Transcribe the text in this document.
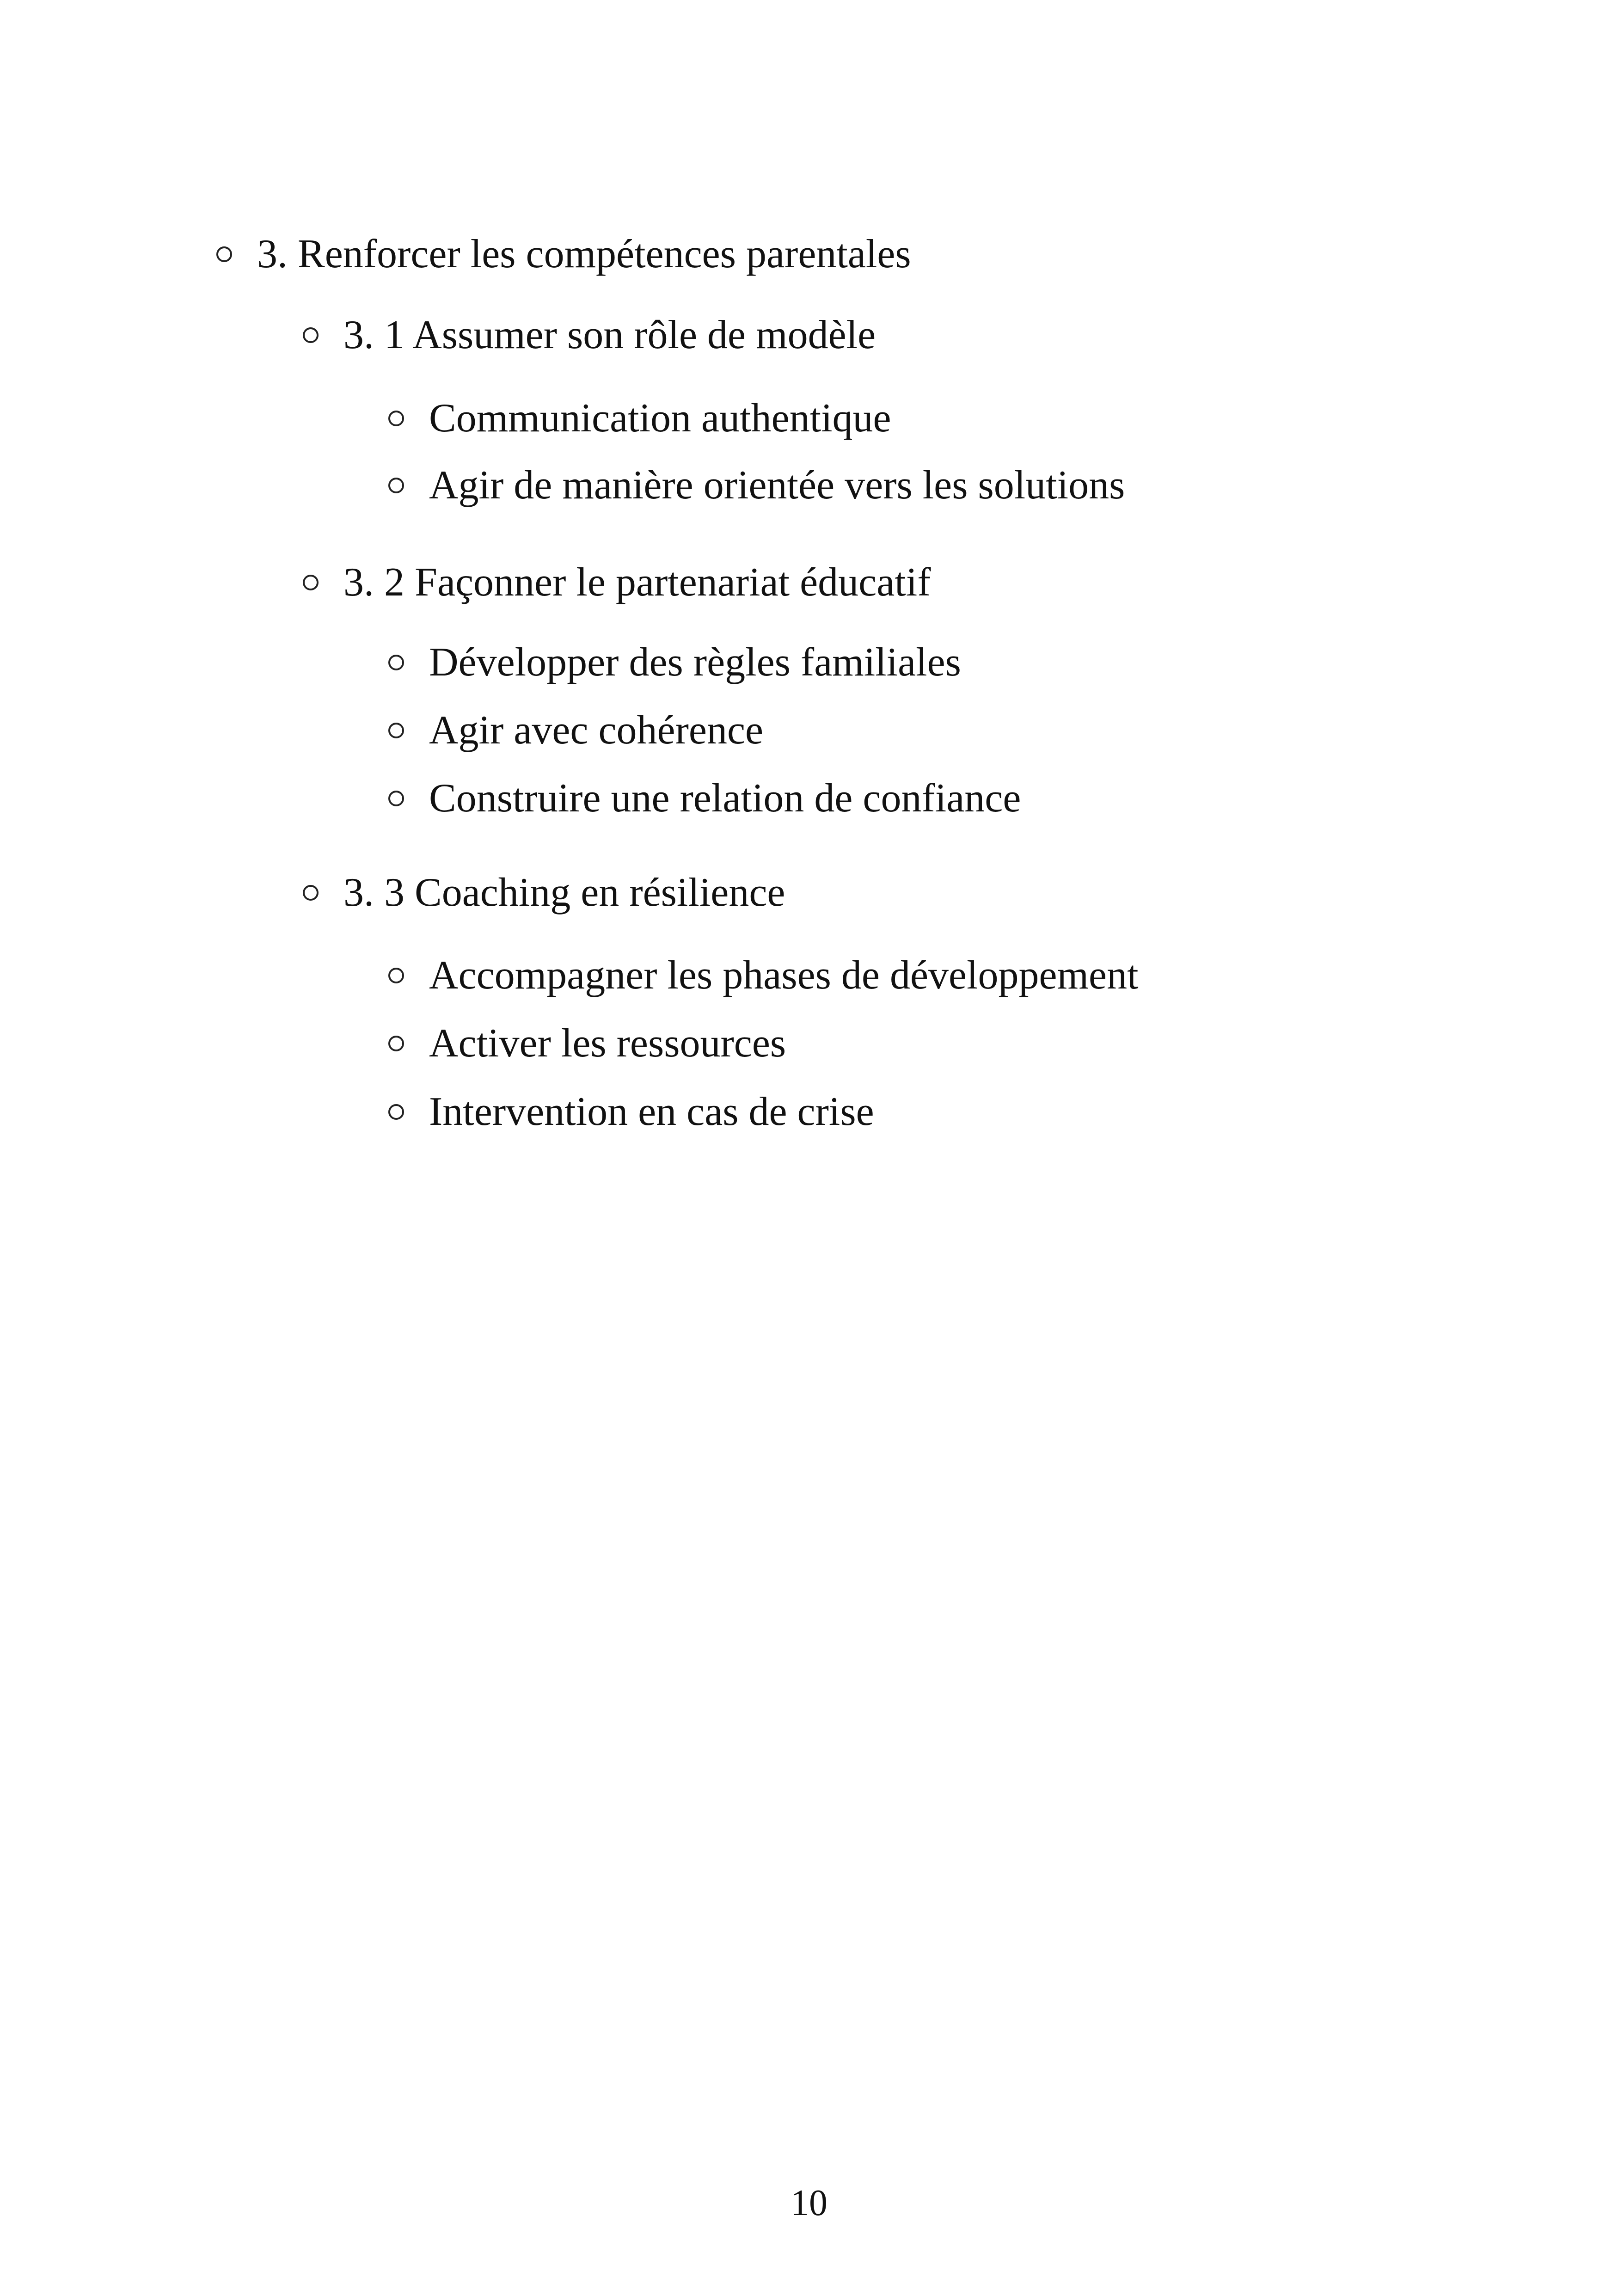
3. Renforcer les compétences parentales
3. 1 Assumer son rôle de modèle
Communication authentique
Agir de manière orientée vers les solutions
3. 2 Façonner le partenariat éducatif
Développer des règles familiales
Agir avec cohérence
Construire une relation de confiance
3. 3 Coaching en résilience
Accompagner les phases de développement
Activer les ressources
Intervention en cas de crise
10
